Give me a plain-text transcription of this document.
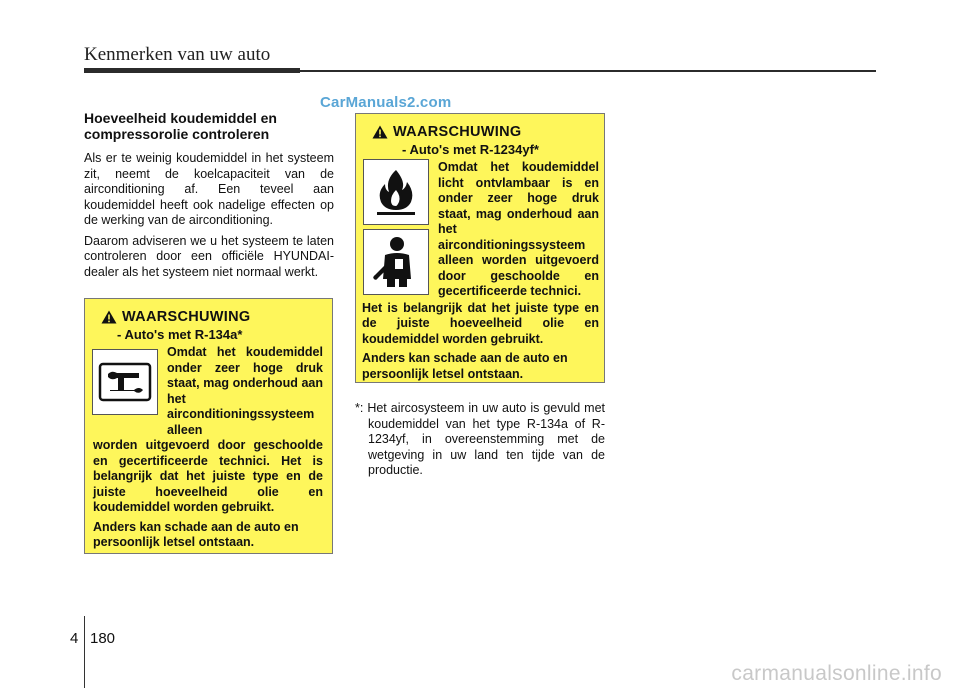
Kenmerken van uw auto
CarManuals2.com
Hoeveelheid koudemiddel en compressorolie controleren

Als er te weinig koudemiddel in het systeem zit, neemt de koelcapaciteit van de airconditioning af. Een teveel aan koudemiddel heeft ook nadelige effecten op de werking van de airconditioning.

Daarom adviseren we u het systeem te laten controleren door een officiële HYUNDAI-dealer als het systeem niet normaal werkt.

WAARSCHUWING
- Auto's met R-134a*
Omdat het koudemiddel onder zeer hoge druk staat, mag onderhoud aan het airconditioningssysteem alleen
worden uitgevoerd door geschoolde en gecertificeerde technici. Het is belangrijk dat het juiste type en de juiste hoeveelheid olie en koudemiddel worden gebruikt.
Anders kan schade aan de auto en persoonlijk letsel ontstaan.
WAARSCHUWING
- Auto's met R-1234yf*
Omdat het koudemiddel licht ontvlambaar is en onder zeer hoge druk staat, mag onderhoud aan het airconditioningssysteem alleen worden uitgevoerd door geschoolde en gecertificeerde technici.
Het is belangrijk dat het juiste type en de juiste hoeveelheid olie en koudemiddel worden gebruikt.
Anders kan schade aan de auto en persoonlijk letsel ontstaan.
*: Het aircosysteem in uw auto is gevuld met koudemiddel van het type R-134a of R- 1234yf, in overeenstemming met de wetgeving in uw land ten tijde van de productie.
4 180
carmanualsonline.info
